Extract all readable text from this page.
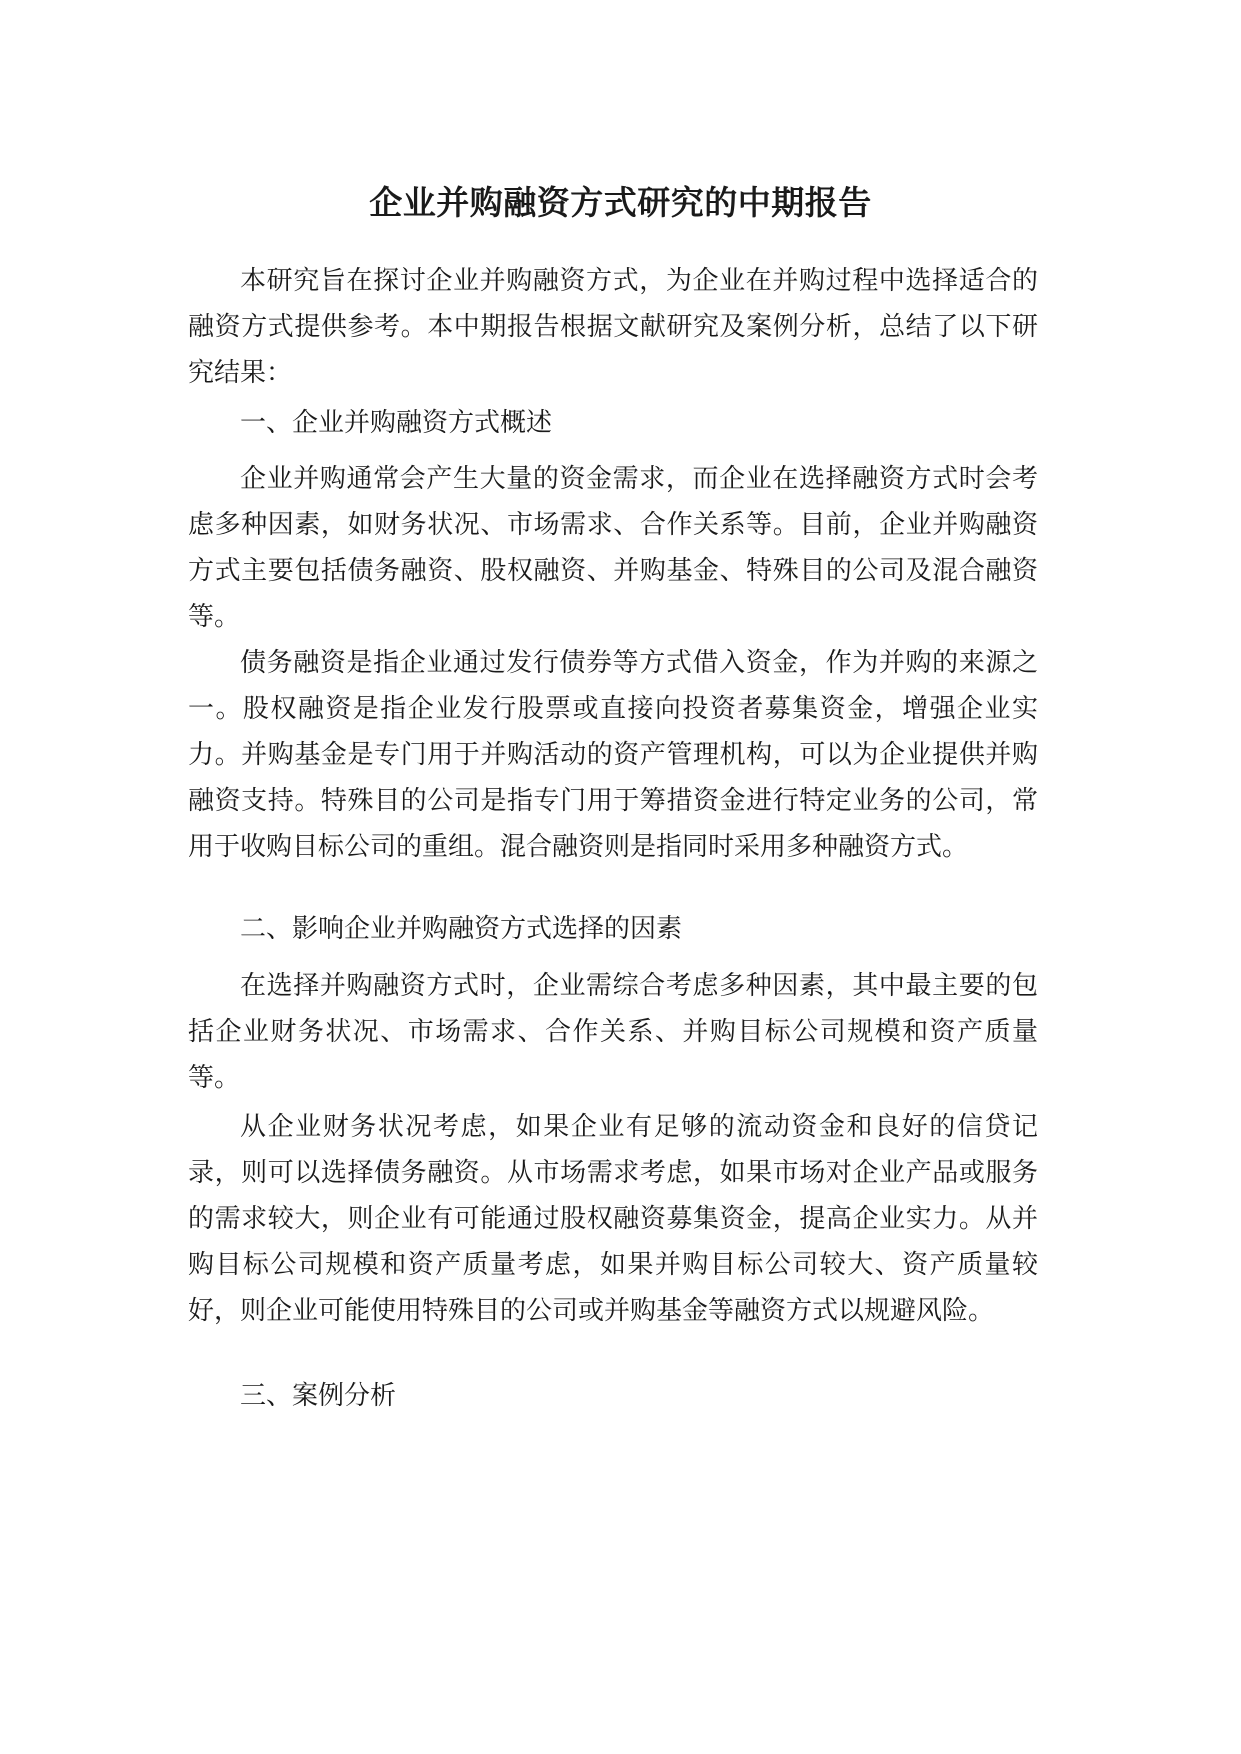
企业并购融资方式研究的中期报告

本研究旨在探讨企业并购融资方式，为企业在并购过程中选择适合的融资方式提供参考。本中期报告根据文献研究及案例分析，总结了以下研究结果：

一、企业并购融资方式概述

企业并购通常会产生大量的资金需求，而企业在选择融资方式时会考虑多种因素，如财务状况、市场需求、合作关系等。目前，企业并购融资方式主要包括债务融资、股权融资、并购基金、特殊目的公司及混合融资等。

债务融资是指企业通过发行债券等方式借入资金，作为并购的来源之一。股权融资是指企业发行股票或直接向投资者募集资金，增强企业实力。并购基金是专门用于并购活动的资产管理机构，可以为企业提供并购融资支持。特殊目的公司是指专门用于筹措资金进行特定业务的公司，常用于收购目标公司的重组。混合融资则是指同时采用多种融资方式。

二、影响企业并购融资方式选择的因素

在选择并购融资方式时，企业需综合考虑多种因素，其中最主要的包括企业财务状况、市场需求、合作关系、并购目标公司规模和资产质量等。

从企业财务状况考虑，如果企业有足够的流动资金和良好的信贷记录，则可以选择债务融资。从市场需求考虑，如果市场对企业产品或服务的需求较大，则企业有可能通过股权融资募集资金，提高企业实力。从并购目标公司规模和资产质量考虑，如果并购目标公司较大、资产质量较好，则企业可能使用特殊目的公司或并购基金等融资方式以规避风险。

三、案例分析
